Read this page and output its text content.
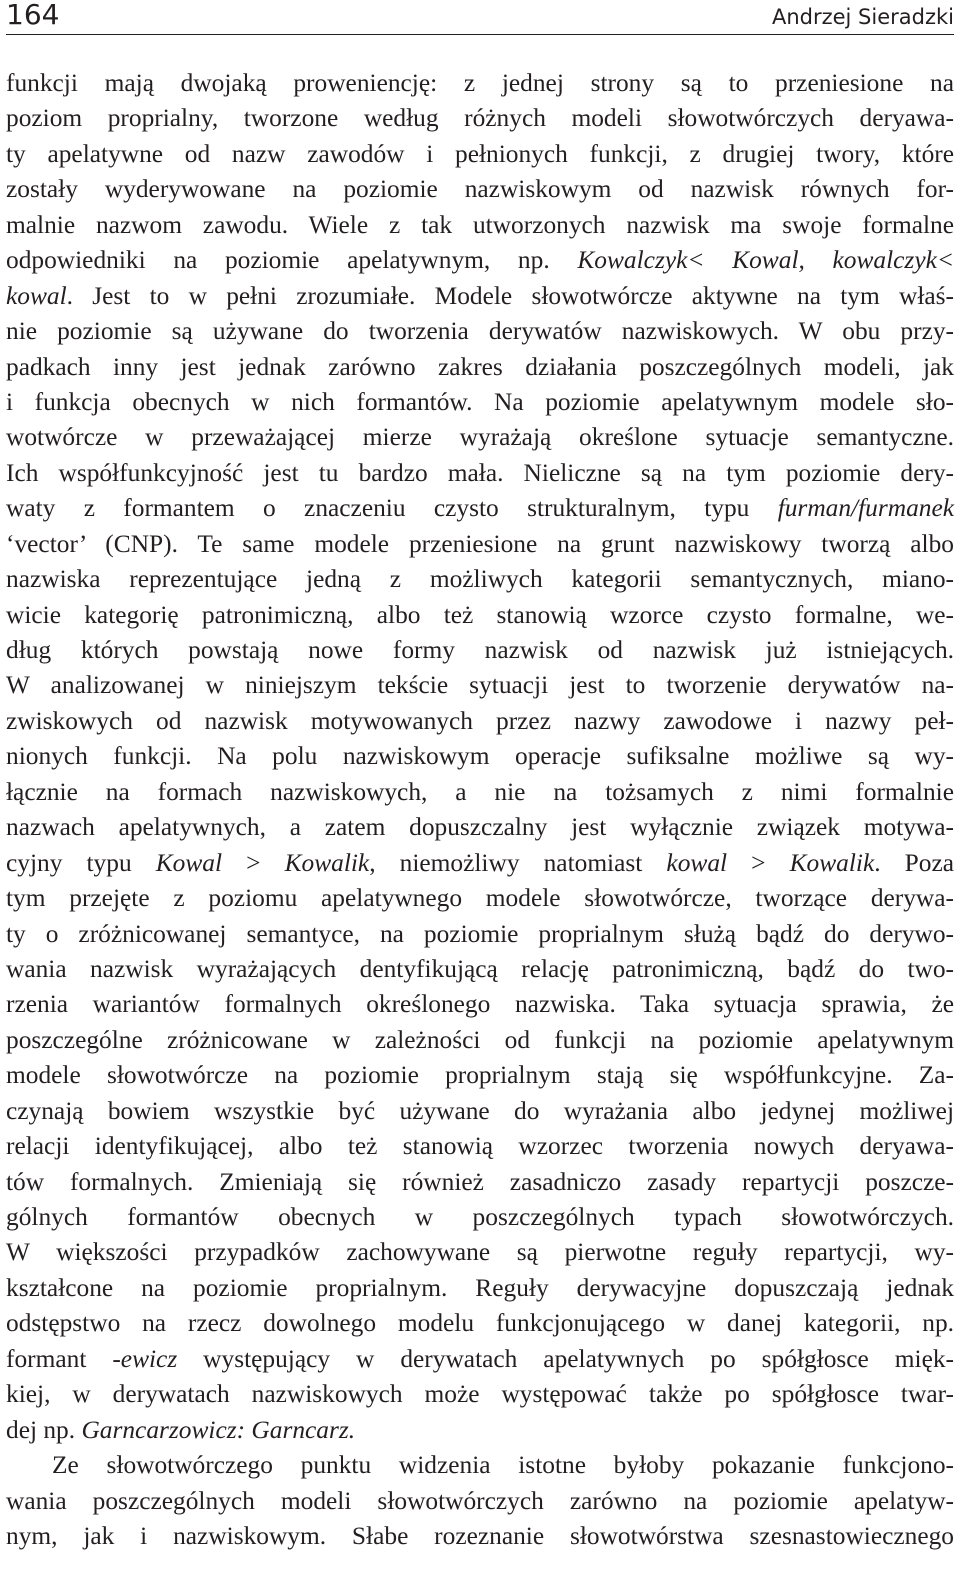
164	Andrzej Sieradzki
funkcji mają dwojaką proweniencję: z jednej strony są to przeniesione na
poziom proprialny, tworzone według różnych modeli słowotwórczych deryawa-
ty apelatywne od nazw zawodów i pełnionych funkcji, z drugiej twory, które
zostały wyderywowane na poziomie nazwiskowym od nazwisk równych for-
malnie nazwom zawodu. Wiele z tak utworzonych nazwisk ma swoje formalne
odpowiedniki na poziomie apelatywnym, np. Kowalczyk< Kowal, kowalczyk<
kowal. Jest to w pełni zrozumiałe. Modele słowotwórcze aktywne na tym właś-
nie poziomie są używane do tworzenia derywatów nazwiskowych. W obu przy-
padkach inny jest jednak zarówno zakres działania poszczególnych modeli, jak
i funkcja obecnych w nich formantów. Na poziomie apelatywnym modele sło-
wotwórcze w przeważającej mierze wyrażają określone sytuacje semantyczne.
Ich współfunkcyjność jest tu bardzo mała. Nieliczne są na tym poziomie dery-
waty z formantem o znaczeniu czysto strukturalnym, typu furman/furmanek
‘vector’ (CNP). Te same modele przeniesione na grunt nazwiskowy tworzą albo
nazwiska reprezentujące jedną z możliwych kategorii semantycznych, miano-
wicie kategorię patronimiczną, albo też stanowią wzorce czysto formalne, we-
dług których powstają nowe formy nazwisk od nazwisk już istniejących.
W analizowanej w niniejszym tekście sytuacji jest to tworzenie derywatów na-
zwiskowych od nazwisk motywowanych przez nazwy zawodowe i nazwy peł-
nionych funkcji. Na polu nazwiskowym operacje sufiksalne możliwe są wy-
łącznie na formach nazwiskowych, a nie na tożsamych z nimi formalnie
nazwach apelatywnych, a zatem dopuszczalny jest wyłącznie związek motywa-
cyjny typu Kowal > Kowalik, niemożliwy natomiast kowal > Kowalik. Poza
tym przejęte z poziomu apelatywnego modele słowotwórcze, tworzące derywa-
ty o zróżnicowanej semantyce, na poziomie proprialnym służą bądź do derywo-
wania nazwisk wyrażających dentyfikującą relację patronimiczną, bądź do two-
rzenia wariantów formalnych określonego nazwiska. Taka sytuacja sprawia, że
poszczególne zróżnicowane w zależności od funkcji na poziomie apelatywnym
modele słowotwórcze na poziomie proprialnym stają się współfunkcyjne. Za-
czynają bowiem wszystkie być używane do wyrażania albo jedynej możliwej
relacji identyfikującej, albo też stanowią wzorzec tworzenia nowych deryawa-
tów formalnych. Zmieniają się również zasadniczo zasady repartycji poszcze-
gólnych formantów obecnych w poszczególnych typach słowotwórczych.
W większości przypadków zachowywane są pierwotne reguły repartycji, wy-
kształcone na poziomie proprialnym. Reguły derywacyjne dopuszczają jednak
odstępstwo na rzecz dowolnego modelu funkcjonującego w danej kategorii, np.
formant -ewicz występujący w derywatach apelatywnych po spółgłosce mięk-
kiej, w derywatach nazwiskowych może występować także po spółgłosce twar-
dej np. Garncarzowicz: Garncarz.
Ze słowotwórczego punktu widzenia istotne byłoby pokazanie funkcjono-
wania poszczególnych modeli słowotwórczych zarówno na poziomie apelatyw-
nym, jak i nazwiskowym. Słabe rozeznanie słowotwórstwa szesnastowiecznego
